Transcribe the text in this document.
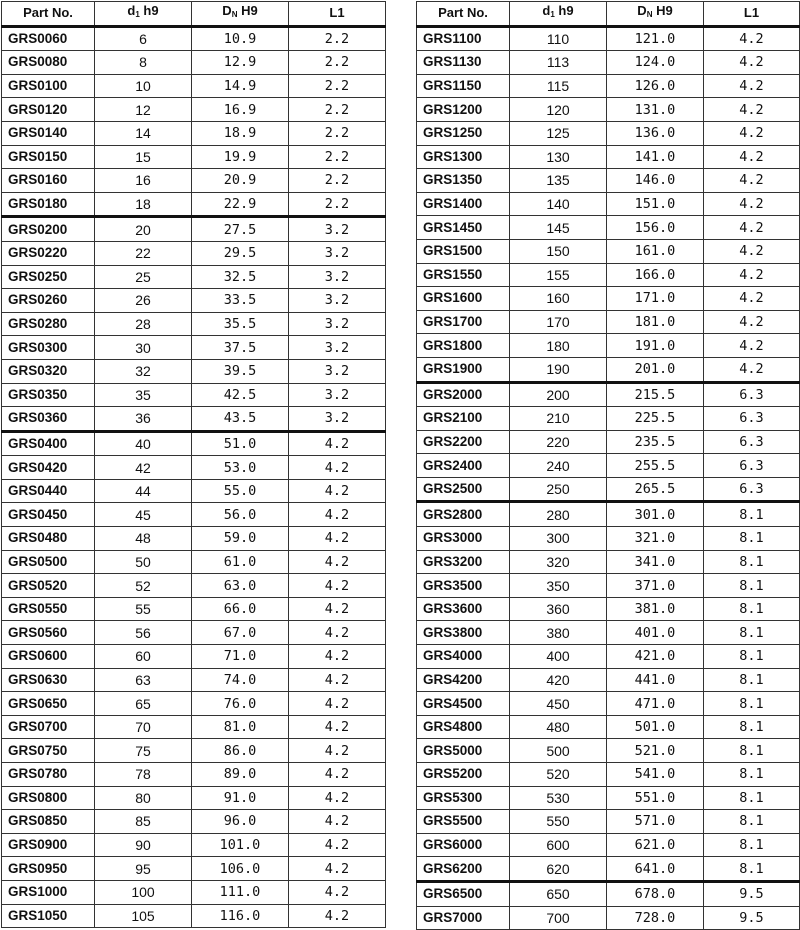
Part No.	$d_1$ h9	$D_N$ H9	L1
GRS0060	6	10.9	2.2
GRS0080	8	12.9	2.2
GRS0100	10	14.9	2.2
GRS0120	12	16.9	2.2
GRS0140	14	18.9	2.2
GRS0150	15	19.9	2.2
GRS0160	16	20.9	2.2
GRS0180	18	22.9	2.2
GRS0200	20	27.5	3.2
GRS0220	22	29.5	3.2
GRS0250	25	32.5	3.2
GRS0260	26	33.5	3.2
GRS0280	28	35.5	3.2
GRS0300	30	37.5	3.2
GRS0320	32	39.5	3.2
GRS0350	35	42.5	3.2
GRS0360	36	43.5	3.2
GRS0400	40	51.0	4.2
GRS0420	42	53.0	4.2
GRS0440	44	55.0	4.2
GRS0450	45	56.0	4.2
GRS0480	48	59.0	4.2
GRS0500	50	61.0	4.2
GRS0520	52	63.0	4.2
GRS0550	55	66.0	4.2
GRS0560	56	67.0	4.2
GRS0600	60	71.0	4.2
GRS0630	63	74.0	4.2
GRS0650	65	76.0	4.2
GRS0700	70	81.0	4.2
GRS0750	75	86.0	4.2
GRS0780	78	89.0	4.2
GRS0800	80	91.0	4.2
GRS0850	85	96.0	4.2
GRS0900	90	101.0	4.2
GRS0950	95	106.0	4.2
GRS1000	100	111.0	4.2
GRS1050	105	116.0	4.2
Part No.	$d_1$ h9	$D_N$ H9	L1
GRS1100	110	121.0	4.2
GRS1130	113	124.0	4.2
GRS1150	115	126.0	4.2
GRS1200	120	131.0	4.2
GRS1250	125	136.0	4.2
GRS1300	130	141.0	4.2
GRS1350	135	146.0	4.2
GRS1400	140	151.0	4.2
GRS1450	145	156.0	4.2
GRS1500	150	161.0	4.2
GRS1550	155	166.0	4.2
GRS1600	160	171.0	4.2
GRS1700	170	181.0	4.2
GRS1800	180	191.0	4.2
GRS1900	190	201.0	4.2
GRS2000	200	215.5	6.3
GRS2100	210	225.5	6.3
GRS2200	220	235.5	6.3
GRS2400	240	255.5	6.3
GRS2500	250	265.5	6.3
GRS2800	280	301.0	8.1
GRS3000	300	321.0	8.1
GRS3200	320	341.0	8.1
GRS3500	350	371.0	8.1
GRS3600	360	381.0	8.1
GRS3800	380	401.0	8.1
GRS4000	400	421.0	8.1
GRS4200	420	441.0	8.1
GRS4500	450	471.0	8.1
GRS4800	480	501.0	8.1
GRS5000	500	521.0	8.1
GRS5200	520	541.0	8.1
GRS5300	530	551.0	8.1
GRS5500	550	571.0	8.1
GRS6000	600	621.0	8.1
GRS6200	620	641.0	8.1
GRS6500	650	678.0	9.5
GRS7000	700	728.0	9.5
